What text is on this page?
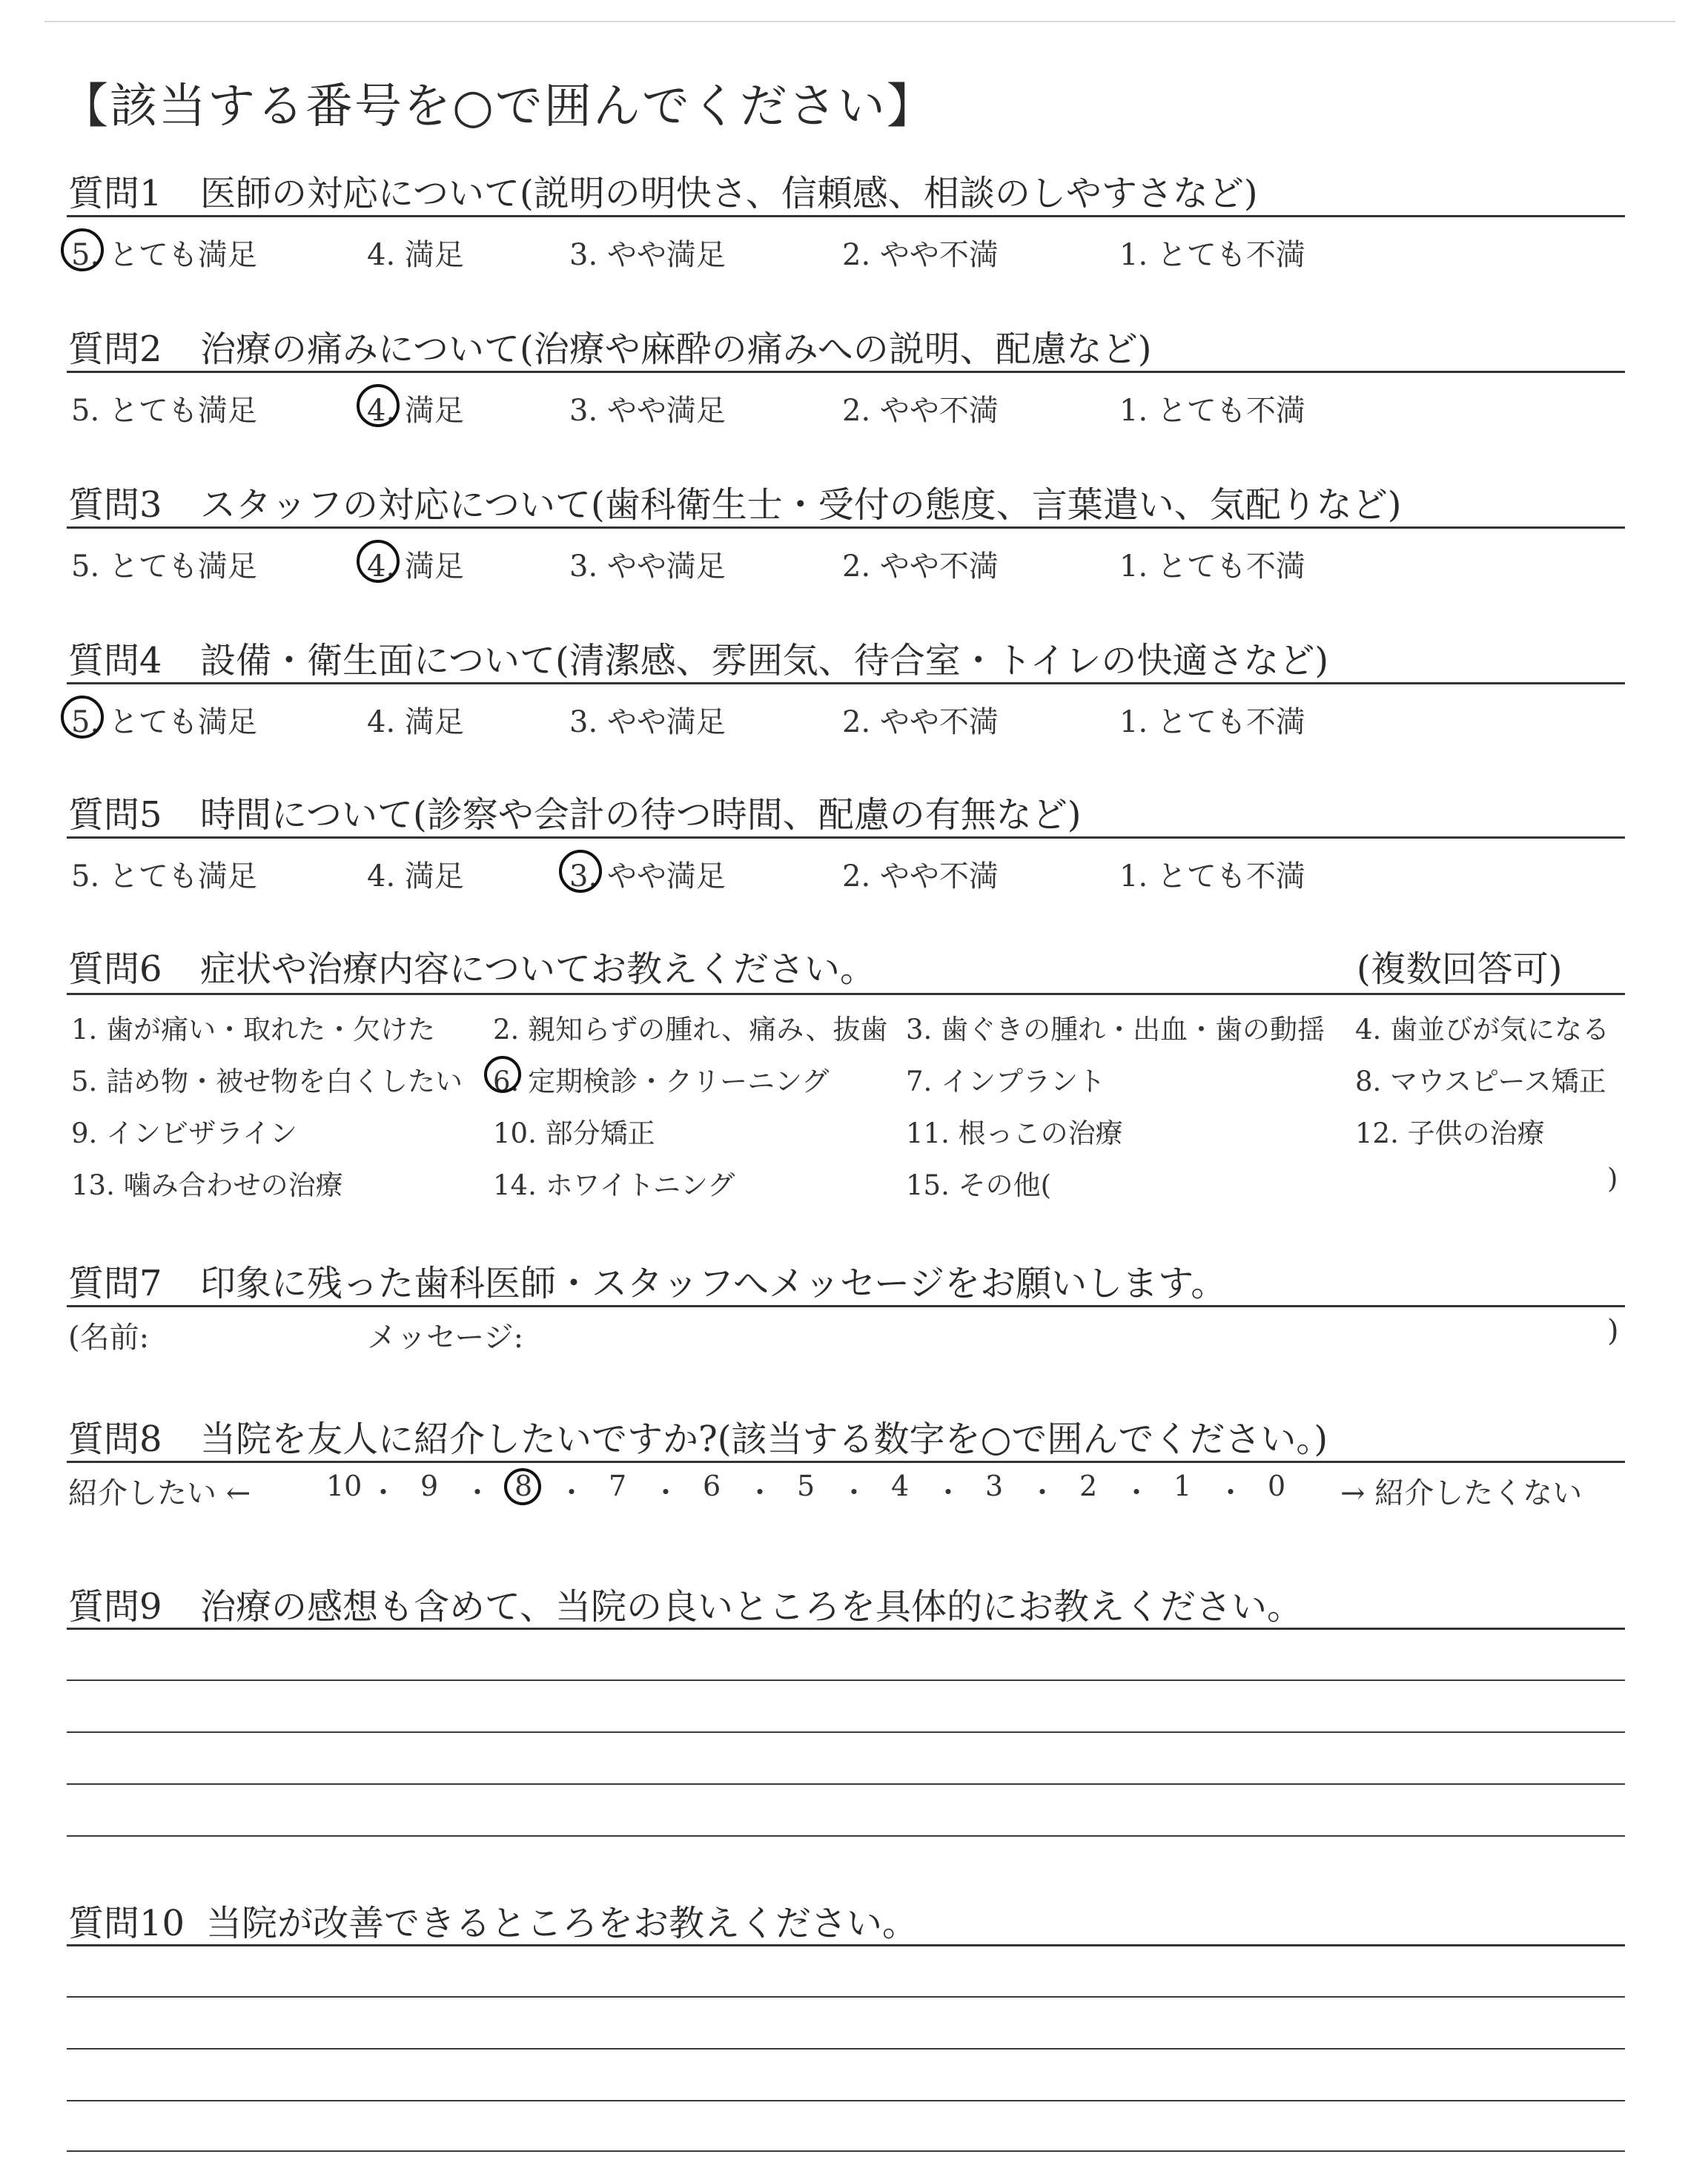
【該当する番号を○で囲んでください】
質問1 医師の対応について(説明の明快さ、信頼感、相談のしやすさなど)
5. とても満足	4. 満足	3. やや満足	2. やや不満	1. とても不満
質問2 治療の痛みについて(治療や麻酔の痛みへの説明、配慮など)
5. とても満足	4. 満足	3. やや満足	2. やや不満	1. とても不満
質問3 スタッフの対応について(歯科衛生士・受付の態度、言葉遣い、気配りなど)
5. とても満足	4. 満足	3. やや満足	2. やや不満	1. とても不満
質問4 設備・衛生面について(清潔感、雰囲気、待合室・トイレの快適さなど)
5. とても満足	4. 満足	3. やや満足	2. やや不満	1. とても不満
質問5 時間について(診察や会計の待つ時間、配慮の有無など)
5. とても満足	4. 満足	3. やや満足	2. やや不満	1. とても不満
質問6 症状や治療内容についてお教えください。	(複数回答可)
1. 歯が痛い・取れた・欠けた 2. 親知らずの腫れ、痛み、抜歯 3. 歯ぐきの腫れ・出血・歯の動揺 4. 歯並びが気になる
5. 詰め物・被せ物を白くしたい 6. 定期検診・クリーニング	7. インプラント	8. マウスピース矯正
9. インビザライン	10. 部分矯正	11. 根っこの治療	12. 子供の治療
13. 噛み合わせの治療	14. ホワイトニング	15. その他(	)
質問7 印象に残った歯科医師・スタッフへメッセージをお願いします。
(名前:	メッセージ:	)
質問8 当院を友人に紹介したいですか?(該当する数字を○で囲んでください。)
紹介したい ←	→ 紹介したくない
10 ・ 9 ・ 8 ・ 7 ・ 6 ・ 5 ・ 4 ・ 3 ・ 2 ・ 1 ・ 0
質問9 治療の感想も含めて、当院の良いところを具体的にお教えください。
質問10 当院が改善できるところをお教えください。
